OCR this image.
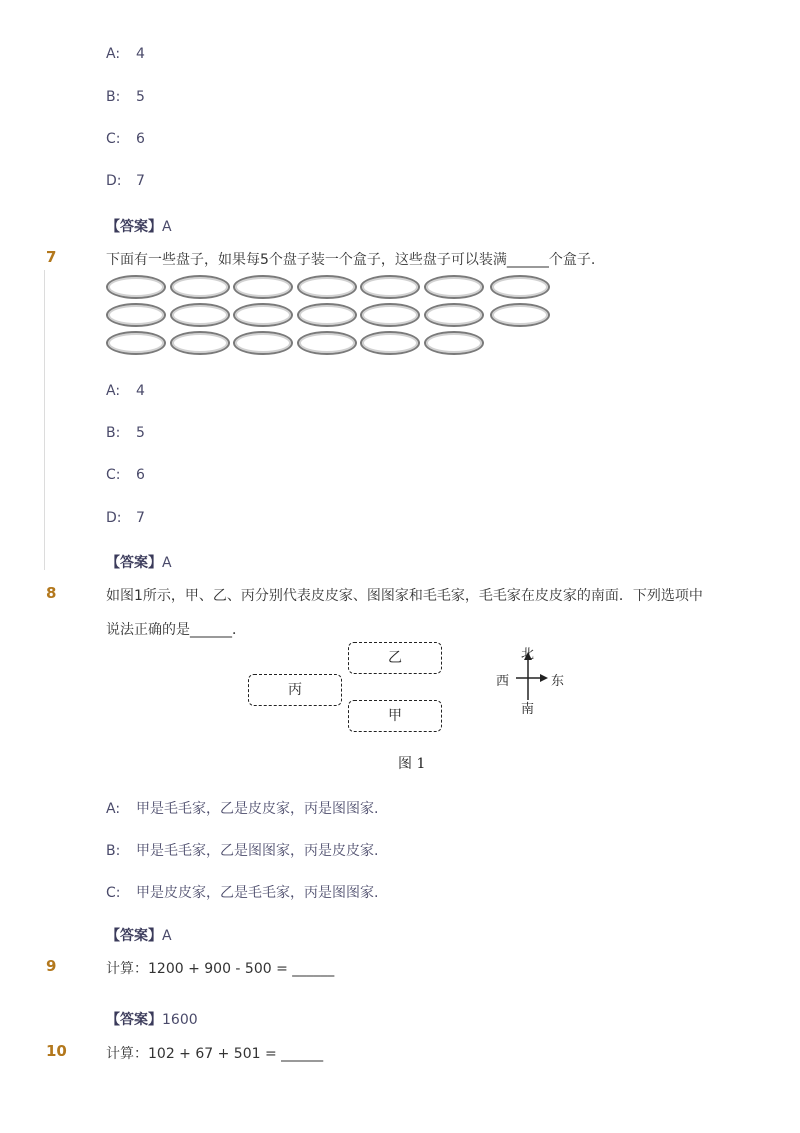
A: 4
B: 5
C: 6
D: 7
【答案】A
7	下面有一些盘子，如果每5个盘子装一个盒子，这些盘子可以装满______个盒子.
A: 4
B: 5
C: 6
D: 7
【答案】A
8	如图1所示，甲、乙、丙分别代表皮皮家、图图家和毛毛家，毛毛家在皮皮家的南面．下列选项中
说法正确的是______．
乙
丙
甲
北
西	东
南
图 1
A: 甲是毛毛家，乙是皮皮家，丙是图图家.
B: 甲是毛毛家，乙是图图家，丙是皮皮家.
C: 甲是皮皮家，乙是毛毛家，丙是图图家.
【答案】A
9	计算：1200 + 900 - 500 = ______
【答案】1600
10	计算：102 + 67 + 501 = ______
